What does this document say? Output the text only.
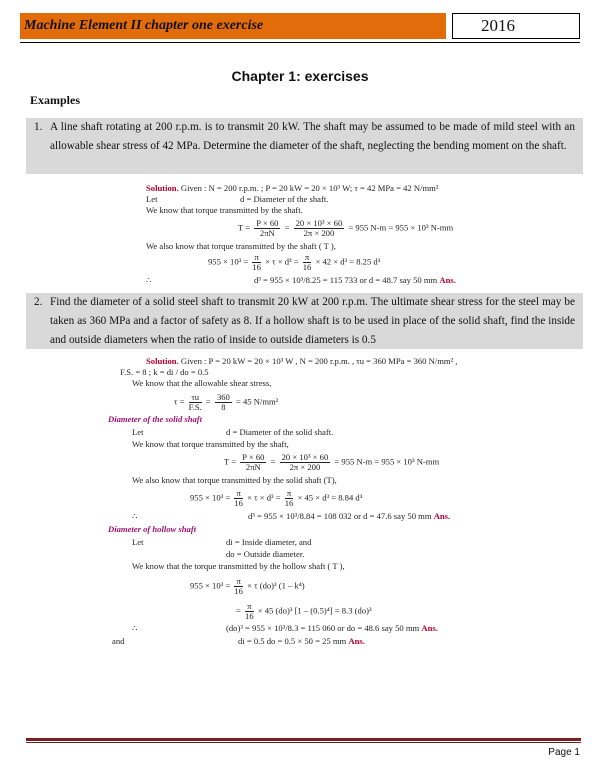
Machine Element II chapter one exercise	2016
Chapter 1: exercises
Examples
1. A line shaft rotating at 200 r.p.m. is to transmit 20 kW. The shaft may be assumed to be made of mild steel with an allowable shear stress of 42 MPa. Determine the diameter of the shaft, neglecting the bending moment on the shaft.
Solution. Given : N = 200 r.p.m. ; P = 20 kW = 20 × 10³ W; τ = 42 MPa = 42 N/mm²
Let	d = Diameter of the shaft.
We know that torque transmitted by the shaft.
$T = \frac{P \times 60}{2\pi N} = \frac{\text{20 × 10³ × 60}}{2\pi \times 200} = 955$ N-m = 955 × 10³ N-mm
We also know that torque transmitted by the shaft ( T ),
$955 \times 10^3 = \frac{\pi}{16} \times \tau \times d^3 = \frac{\pi}{16} \times 42 \times d^3 = 8.25$ d³
∴	d³ = 955 × 10³/8.25 = 115 733 or d = 48.7 say 50 mm Ans.
2. Find the diameter of a solid steel shaft to transmit 20 kW at 200 r.p.m. The ultimate shear stress for the steel may be taken as 360 MPa and a factor of safety as 8. If a hollow shaft is to be used in place of the solid shaft, find the inside and outside diameters when the ratio of inside to outside diameters is 0.5
Solution. Given : P = 20 kW = 20 × 10³ W , N = 200 r.p.m. , τu = 360 MPa = 360 N/mm² ,
F.S. = 8 ; k = di / do = 0.5
We know that the allowable shear stress,
$\tau = \frac{\tau u}{F.S.} = \frac{360}{8} = 45$ N/mm²
Diameter of the solid shaft
Let	d = Diameter of the solid shaft.
We know that torque transmitted by the shaft,
$T = \frac{P \times 60}{2\pi N} = \frac{\text{20 × 10³ × 60}}{2\pi \times 200} = 955$ N-m = 955 × 10³ N-mm
We also know that torque transmitted by the solid shaft (T),
$955 \times 10^3 = \frac{\pi}{16} \times \tau \times d^3 = \frac{\pi}{16} \times 45 \times d^3 = 8.84$ d³
∴	d³ = 955 × 10³/8.84 = 108 032 or d = 47.6 say 50 mm Ans.
Diameter of hollow shaft
Let	di = Inside diameter, and
do = Outside diameter.
We know that the torque transmitted by the hollow shaft ( T ),
$955 \times 10^3 = \frac{\pi}{16} \times \tau$ (do)³ (1 – k⁴)
= $\frac{\pi}{16} \times 45$ (do)³ [1 – (0.5)⁴] = 8.3 (do)³
∴	(do)³ = 955 × 10³/8.3 = 115 060 or do = 48.6 say 50 mm Ans.
and	di = 0.5 do = 0.5 × 50 = 25 mm Ans.
Page 1
